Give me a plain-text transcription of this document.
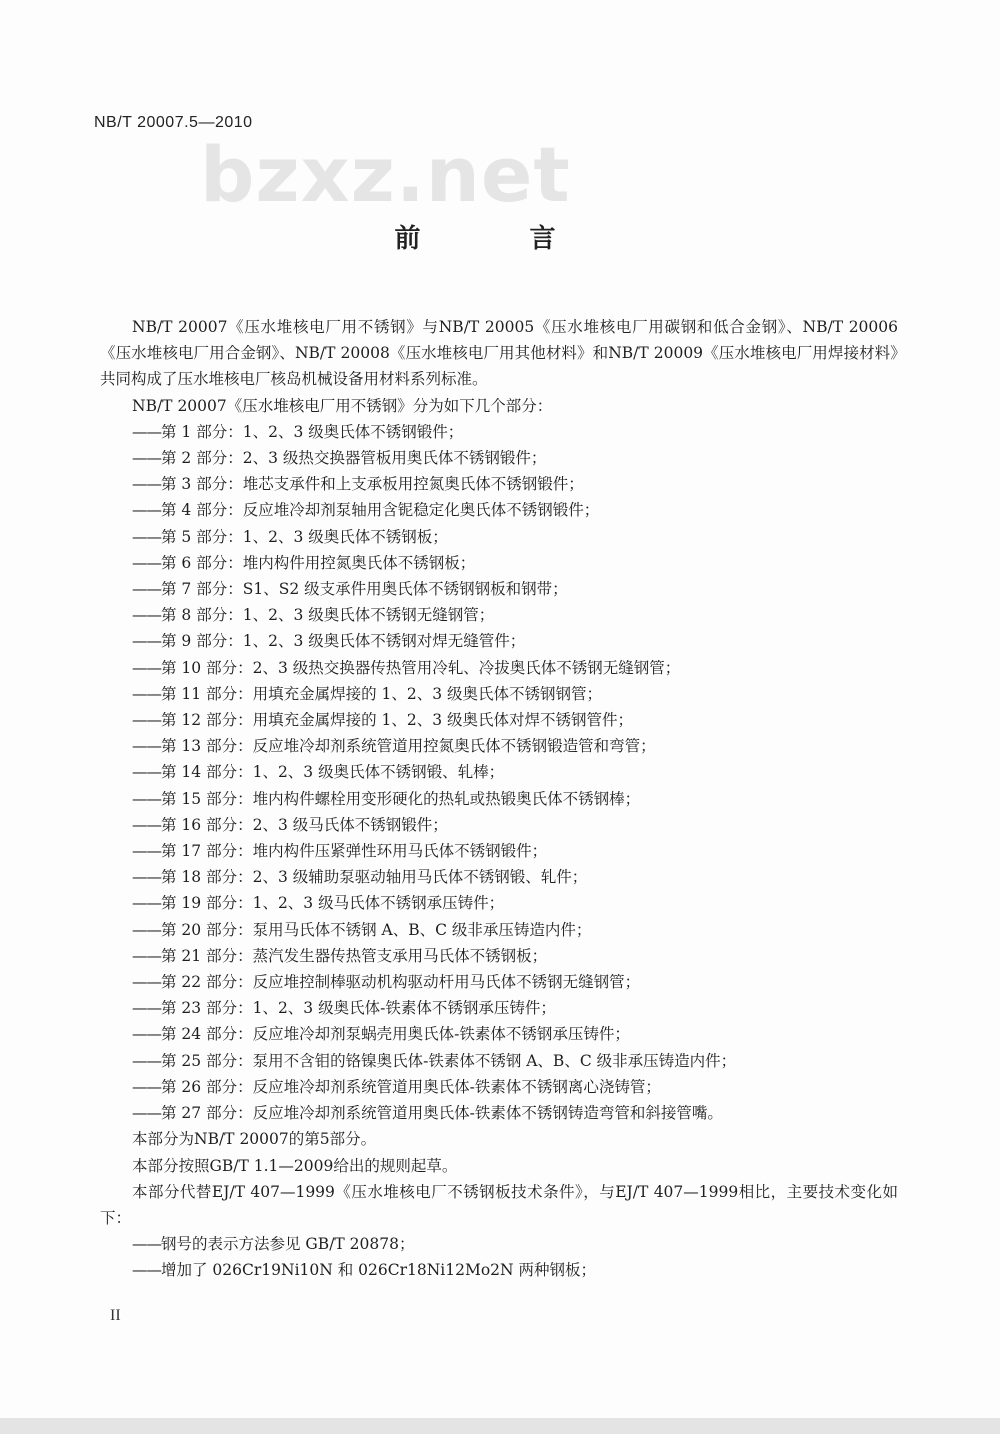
NB/T 20007.5—2010
bzxz.net
前 言

NB/T 20007《压水堆核电厂用不锈钢》与NB/T 20005《压水堆核电厂用碳钢和低合金钢》、NB/T 20006《压水堆核电厂用合金钢》、NB/T 20008《压水堆核电厂用其他材料》和NB/T 20009《压水堆核电厂用焊接材料》共同构成了压水堆核电厂核岛机械设备用材料系列标准。

NB/T 20007《压水堆核电厂用不锈钢》分为如下几个部分：

——第 1 部分：1、2、3 级奥氏体不锈钢锻件；
——第 2 部分：2、3 级热交换器管板用奥氏体不锈钢锻件；
——第 3 部分：堆芯支承件和上支承板用控氮奥氏体不锈钢锻件；
——第 4 部分：反应堆冷却剂泵轴用含铌稳定化奥氏体不锈钢锻件；
——第 5 部分：1、2、3 级奥氏体不锈钢板；
——第 6 部分：堆内构件用控氮奥氏体不锈钢板；
——第 7 部分：S1、S2 级支承件用奥氏体不锈钢钢板和钢带；
——第 8 部分：1、2、3 级奥氏体不锈钢无缝钢管；
——第 9 部分：1、2、3 级奥氏体不锈钢对焊无缝管件；
——第 10 部分：2、3 级热交换器传热管用冷轧、冷拔奥氏体不锈钢无缝钢管；
——第 11 部分：用填充金属焊接的 1、2、3 级奥氏体不锈钢钢管；
——第 12 部分：用填充金属焊接的 1、2、3 级奥氏体对焊不锈钢管件；
——第 13 部分：反应堆冷却剂系统管道用控氮奥氏体不锈钢锻造管和弯管；
——第 14 部分：1、2、3 级奥氏体不锈钢锻、轧棒；
——第 15 部分：堆内构件螺栓用变形硬化的热轧或热锻奥氏体不锈钢棒；
——第 16 部分：2、3 级马氏体不锈钢锻件；
——第 17 部分：堆内构件压紧弹性环用马氏体不锈钢锻件；
——第 18 部分：2、3 级辅助泵驱动轴用马氏体不锈钢锻、轧件；
——第 19 部分：1、2、3 级马氏体不锈钢承压铸件；
——第 20 部分：泵用马氏体不锈钢 A、B、C 级非承压铸造内件；
——第 21 部分：蒸汽发生器传热管支承用马氏体不锈钢板；
——第 22 部分：反应堆控制棒驱动机构驱动杆用马氏体不锈钢无缝钢管；
——第 23 部分：1、2、3 级奥氏体-铁素体不锈钢承压铸件；
——第 24 部分：反应堆冷却剂泵蜗壳用奥氏体-铁素体不锈钢承压铸件；
——第 25 部分：泵用不含钼的铬镍奥氏体-铁素体不锈钢 A、B、C 级非承压铸造内件；
——第 26 部分：反应堆冷却剂系统管道用奥氏体-铁素体不锈钢离心浇铸管；
——第 27 部分：反应堆冷却剂系统管道用奥氏体-铁素体不锈钢铸造弯管和斜接管嘴。

本部分为NB/T 20007的第5部分。

本部分按照GB/T 1.1—2009给出的规则起草。

本部分代替EJ/T 407—1999《压水堆核电厂不锈钢板技术条件》，与EJ/T 407—1999相比，主要技术变化如下：

——钢号的表示方法参见 GB/T 20878；
——增加了 026Cr19Ni10N 和 026Cr18Ni12Mo2N 两种钢板；
II
